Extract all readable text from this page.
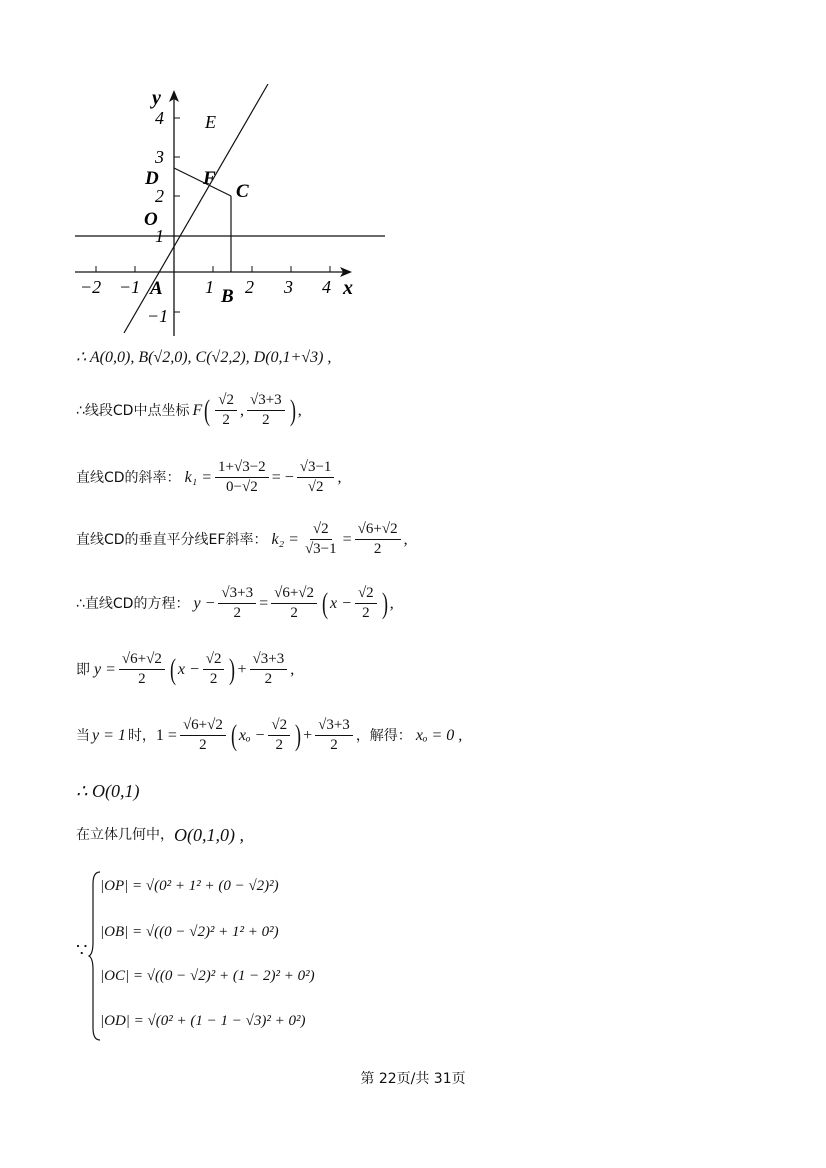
y
x
4
3
2
1
−1
−2 −1	1 2 3 4
E
F
D
C
O
A	B
∴ A(0,0), B(√2,0), C(√2,2), D(0,1+√3) ,
∴线段CD中点坐标 F ( $\frac{√2}{2}$ , $\frac{√3+3}{2}$ ) ,
直线CD的斜率： $k_1 = \frac{1+√3-2}{0-√2}$ = − $\frac{√3-1}{√2}$ ,
直线CD的垂直平分线EF斜率： $k_2 = \frac{√2}{√3-1} = \frac{√6+√2}{2}$ ,
∴直线CD的方程： $y - \frac{√3+3}{2} = \frac{√6+√2}{2}$ ( $x - \frac{√2}{2}$ ) ,
即 $y = \frac{√6+√2}{2}$ ( $x - \frac{√2}{2}$ ) + $\frac{√3+3}{2}$ ,
当 y = 1 时， $1 = \frac{√6+√2}{2}$ ( $x_o - \frac{√2}{2}$ ) + $\frac{√3+3}{2}$ ，解得： xₒ = 0 ,
∴ O(0,1)
在立体几何中， O(0,1,0) ,
∵
|OP| = √(0² + 1² + (0 − √2)²)
|OB| = √((0 − √2)² + 1² + 0²)
|OC| = √((0 − √2)² + (1 − 2)² + 0²)
|OD| = √(0² + (1 − 1 − √3)² + 0²)
第 22页/共 31页
